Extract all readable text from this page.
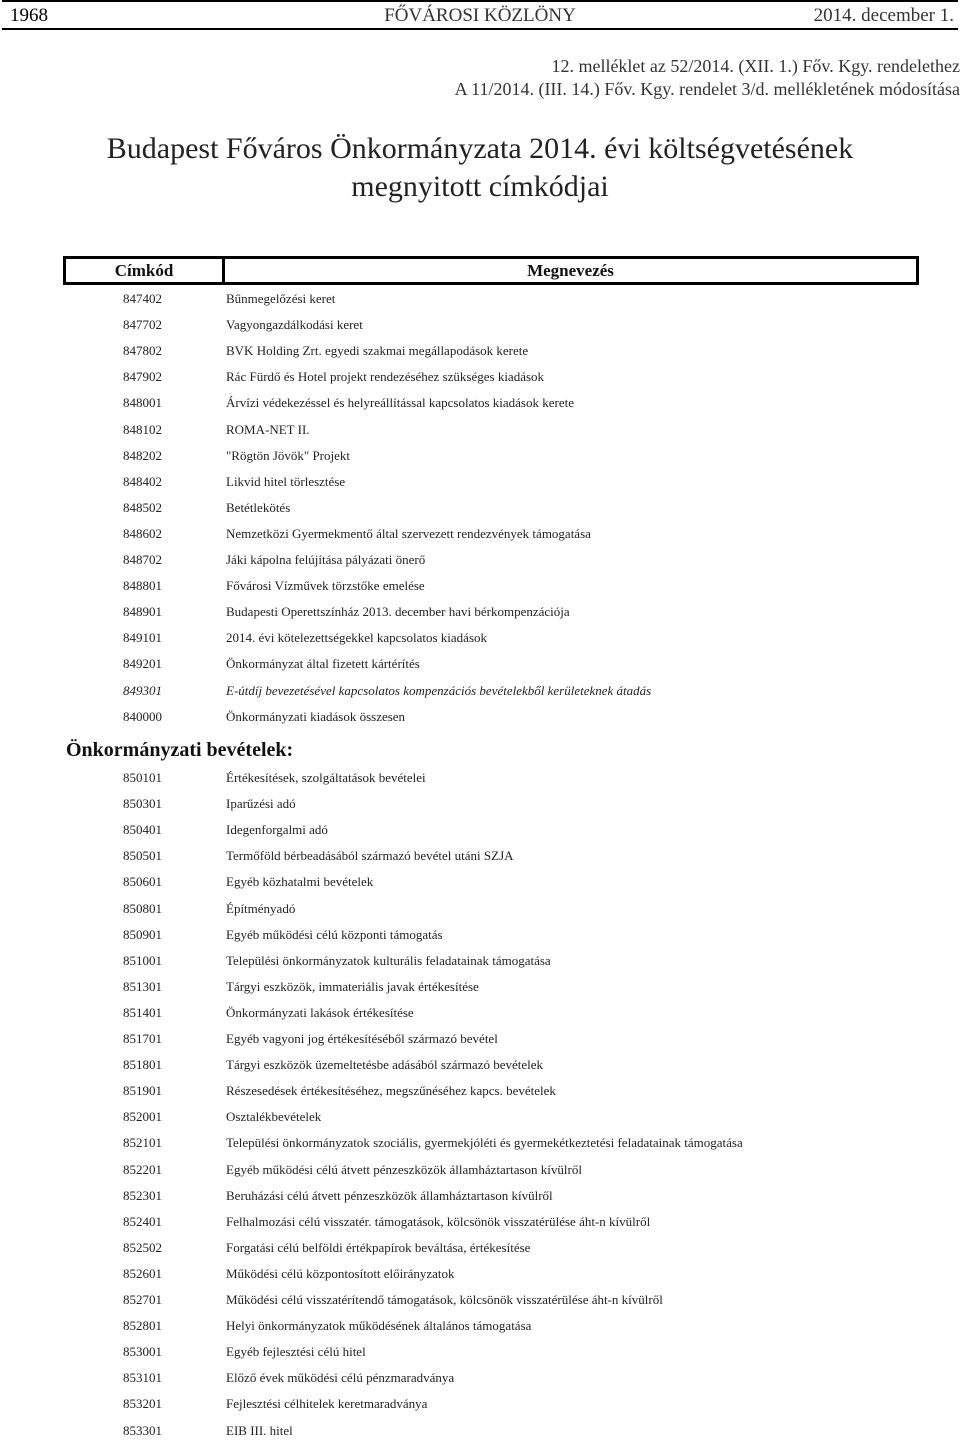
1968	FŐVÁROSI KÖZLÖNY	2014. december 1.
12. melléklet az 52/2014. (XII. 1.) Főv. Kgy. rendelethez
A 11/2014. (III. 14.) Főv. Kgy. rendelet 3/d. mellékletének módosítása
Budapest Főváros Önkormányzata 2014. évi költségvetésének
megnyitott címkódjai
Címkód	Megnevezés
847402	Bűnmegelőzési keret
847702	Vagyongazdálkodási keret
847802	BVK Holding Zrt. egyedi szakmai megállapodások kerete
847902	Rác Fürdő és Hotel projekt rendezéséhez szükséges kiadások
848001	Árvízi védekezéssel és helyreállítással kapcsolatos kiadások kerete
848102	ROMA-NET II.
848202	"Rögtön Jövök" Projekt
848402	Likvid hitel törlesztése
848502	Betétlekötés
848602	Nemzetközi Gyermekmentő által szervezett rendezvények támogatása
848702	Jáki kápolna felújítása pályázati önerő
848801	Fővárosi Vízművek törzstőke emelése
848901	Budapesti Operettszínház 2013. december havi bérkompenzációja
849101	2014. évi kötelezettségekkel kapcsolatos kiadások
849201	Önkormányzat által fizetett kártérítés
849301	E-útdíj bevezetésével kapcsolatos kompenzációs bevételekből kerületeknek átadás
840000	Önkormányzati kiadások összesen
Önkormányzati bevételek:
850101	Értékesítések, szolgáltatások bevételei
850301	Iparűzési adó
850401	Idegenforgalmi adó
850501	Termőföld bérbeadásából származó bevétel utáni SZJA
850601	Egyéb közhatalmi bevételek
850801	Építményadó
850901	Egyéb működési célú központi támogatás
851001	Települési önkormányzatok kulturális feladatainak támogatása
851301	Tárgyi eszközök, immateriális javak értékesítése
851401	Önkormányzati lakások értékesítése
851701	Egyéb vagyoni jog értékesítéséből származó bevétel
851801	Tárgyi eszközök üzemeltetésbe adásából származó bevételek
851901	Részesedések értékesítéséhez, megszűnéséhez kapcs. bevételek
852001	Osztalékbevételek
852101	Települési önkormányzatok szociális, gyermekjóléti és gyermekétkeztetési feladatainak támogatása
852201	Egyéb működési célú átvett pénzeszközök államháztartason kívülről
852301	Beruházási célú átvett pénzeszközök államháztartason kívülről
852401	Felhalmozási célú visszatér. támogatások, kölcsönök visszatérülése áht-n kívülről
852502	Forgatási célú belföldi értékpapírok beváltása, értékesítése
852601	Működési célú központosított előirányzatok
852701	Működési célú visszatérítendő támogatások, kölcsönök visszatérülése áht-n kívülről
852801	Helyi önkormányzatok működésének általános támogatása
853001	Egyéb fejlesztési célú hitel
853101	Előző évek működési célú pénzmaradványa
853201	Fejlesztési célhitelek keretmaradványa
853301	EIB III. hitel
